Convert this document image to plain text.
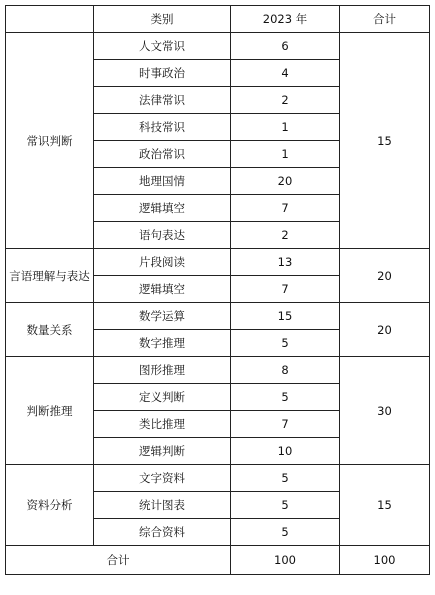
	类别	2023 年	合计
常识判断	人文常识	6	15
	时事政治	4	
	法律常识	2	
	科技常识	1	
	政治常识	1	
	地理国情	20	
	逻辑填空	7	
	语句表达	2	
言语理解与表达	片段阅读	13	20
	逻辑填空	7	
数量关系	数学运算	15	20
	数字推理	5	
判断推理	图形推理	8	30
	定义判断	5	
	类比推理	7	
	逻辑判断	10	
资料分析	文字资料	5	15
	统计图表	5	
	综合资料	5	
合计		100	100
